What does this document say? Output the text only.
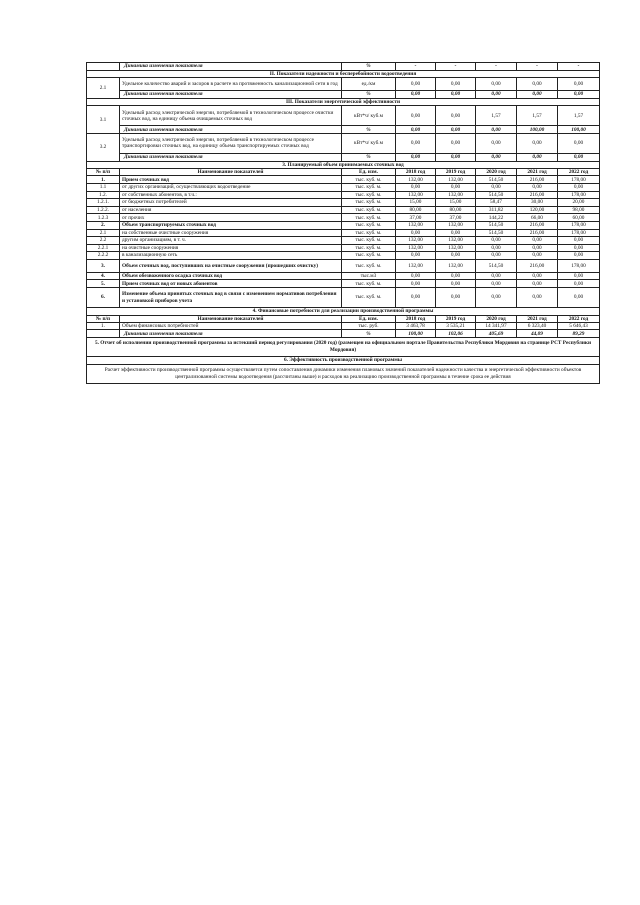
	Динамика изменения показателя	%	-	-	-	-	-
II. Показатели надежности и бесперебойности водоотведения							
2.1	Удельное количество аварий и засоров в расчете на протяженность канализационной сети в год	ед./км	0,00	0,00	0,00	0,00	0,00
	Динамика изменения показателя	%	0,00	0,00	0,00	0,00	0,00
III. Показатели энергетической эффективности							
3.1	Удельный расход электрической энергии, потребляемой в технологическом процессе очистки сточных вод, на единицу объема очищаемых сточных вод	кВт*ч/ куб.м	0,00	0,00	1,57	1,57	1,57
	Динамика изменения показателя	%	0,00	0,00	0,00	100,00	100,00
3.2	Удельный расход электрической энергии, потребляемой в технологическом процессе транспортировки сточных вод, на единицу объема транспортируемых сточных вод	кВт*ч/ куб.м	0,00	0,00	0,00	0,00	0,00
	Динамика изменения показателя	%	0,00	0,00	0,00	0,00	0,00
3. Планируемый объем принимаемых сточных вод							
№ п/п	Наименование показателей	Ед. изм.	2018 год	2019 год	2020 год	2021 год	2022 год
1.	Прием сточных вод	тыс. куб. м.	132,00	132,00	514,50	216,00	178,00
1.1	от других организаций, осуществляющих водоотведение	тыс. куб. м.	0,00	0,00	0,00	0,00	0,00
1.2.	от собственных абонентов, в т.ч.:	тыс. куб. м.	132,00	132,00	514,50	216,00	178,00
1.2.1.	от бюджетных потребителей	тыс. куб. м.	15,00	15,00	58,47	30,00	20,00
1.2.2.	от населения	тыс. куб. м.	80,00	80,00	311,82	120,00	98,00
1.2.3	от прочих	тыс. куб. м.	37,00	37,00	144,22	66,00	60,00
2.	Объем транспортируемых сточных вод	тыс. куб. м.	132,00	132,00	514,50	216,00	178,00
2.1	на собственные очистные сооружения	тыс. куб. м.	0,00	0,00	514,50	216,00	178,00
2.2	другим организациям, в т. ч.	тыс. куб. м.	132,00	132,00	0,00	0,00	0,00
2.2.1	на очистные сооружения	тыс. куб. м.	132,00	132,00	0,00	0,00	0,00
2.2.2	в канализационную сеть	тыс. куб. м.	0,00	0,00	0,00	0,00	0,00
3.	Объем сточных вод, поступивших на очистные сооружения (прошедших очистку)	тыс. куб. м.	132,00	132,00	514,50	216,00	178,00
4.	Объем обезвоженного осадка сточных вод	тыс.м3	0,00	0,00	0,00	0,00	0,00
5.	Прием сточных вод от новых абонентов	тыс. куб. м.	0,00	0,00	0,00	0,00	0,00
6.	Изменение объема принятых сточных вод в связи с изменением нормативов потребления и установкой приборов учета	тыс. куб. м.	0,00	0,00	0,00	0,00	0,00
4. Финансовые потребности для реализации производственной программы							
№ п/п	Наименование показателей	Ед. изм.	2018 год	2019 год	2020 год	2021 год	2022 год
1.	Объем финансовых потребностей	тыс. руб.	3 463,78	3 535,21	14 341,97	6 323,40	5 646,43
	Динамика изменения показателя	%	100,00	102,06	405,69	44,09	89,29
5. Отчет об исполнении производственной программы за истекший период регулирования (2020 год) (размещен на официальном портале Правительства Республики Мордовия на странице РСТ Республики Мордовия)							
6. Эффективность производственной программы							
Расчет эффективности производственной программы осуществляется путем сопоставления динамики изменения плановых значений показателей надежности качества и энергетической эффективности объектов централизованной системы водоотведения (рассчитаны выше) и расходов на реализацию производственной программы в течение срока ее действия							
